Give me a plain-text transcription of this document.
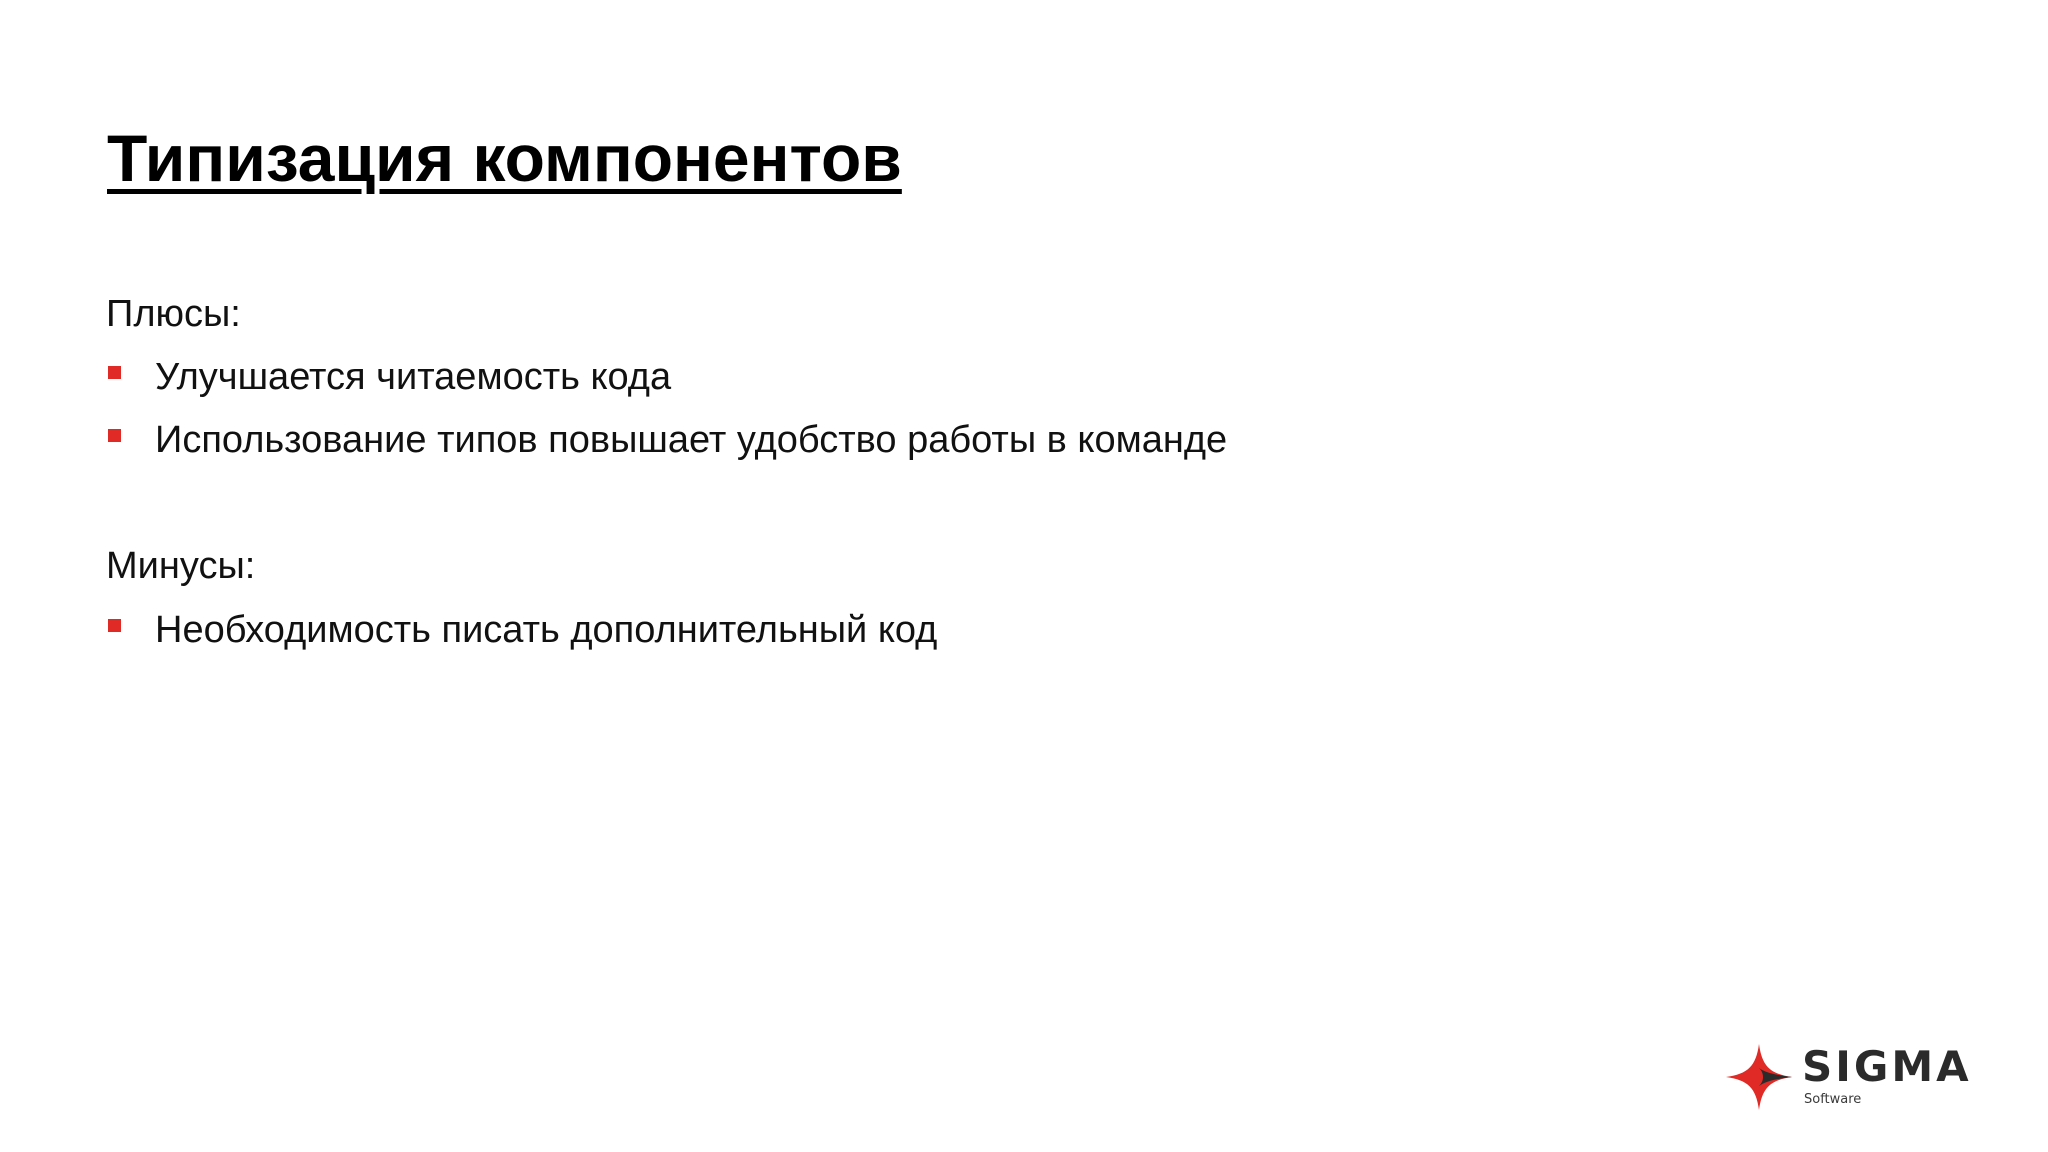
Типизация компонентов
Плюсы:
Улучшается читаемость кода
Использование типов повышает удобство работы в команде
Минусы:
Необходимость писать дополнительный код
SIGMA
Software
